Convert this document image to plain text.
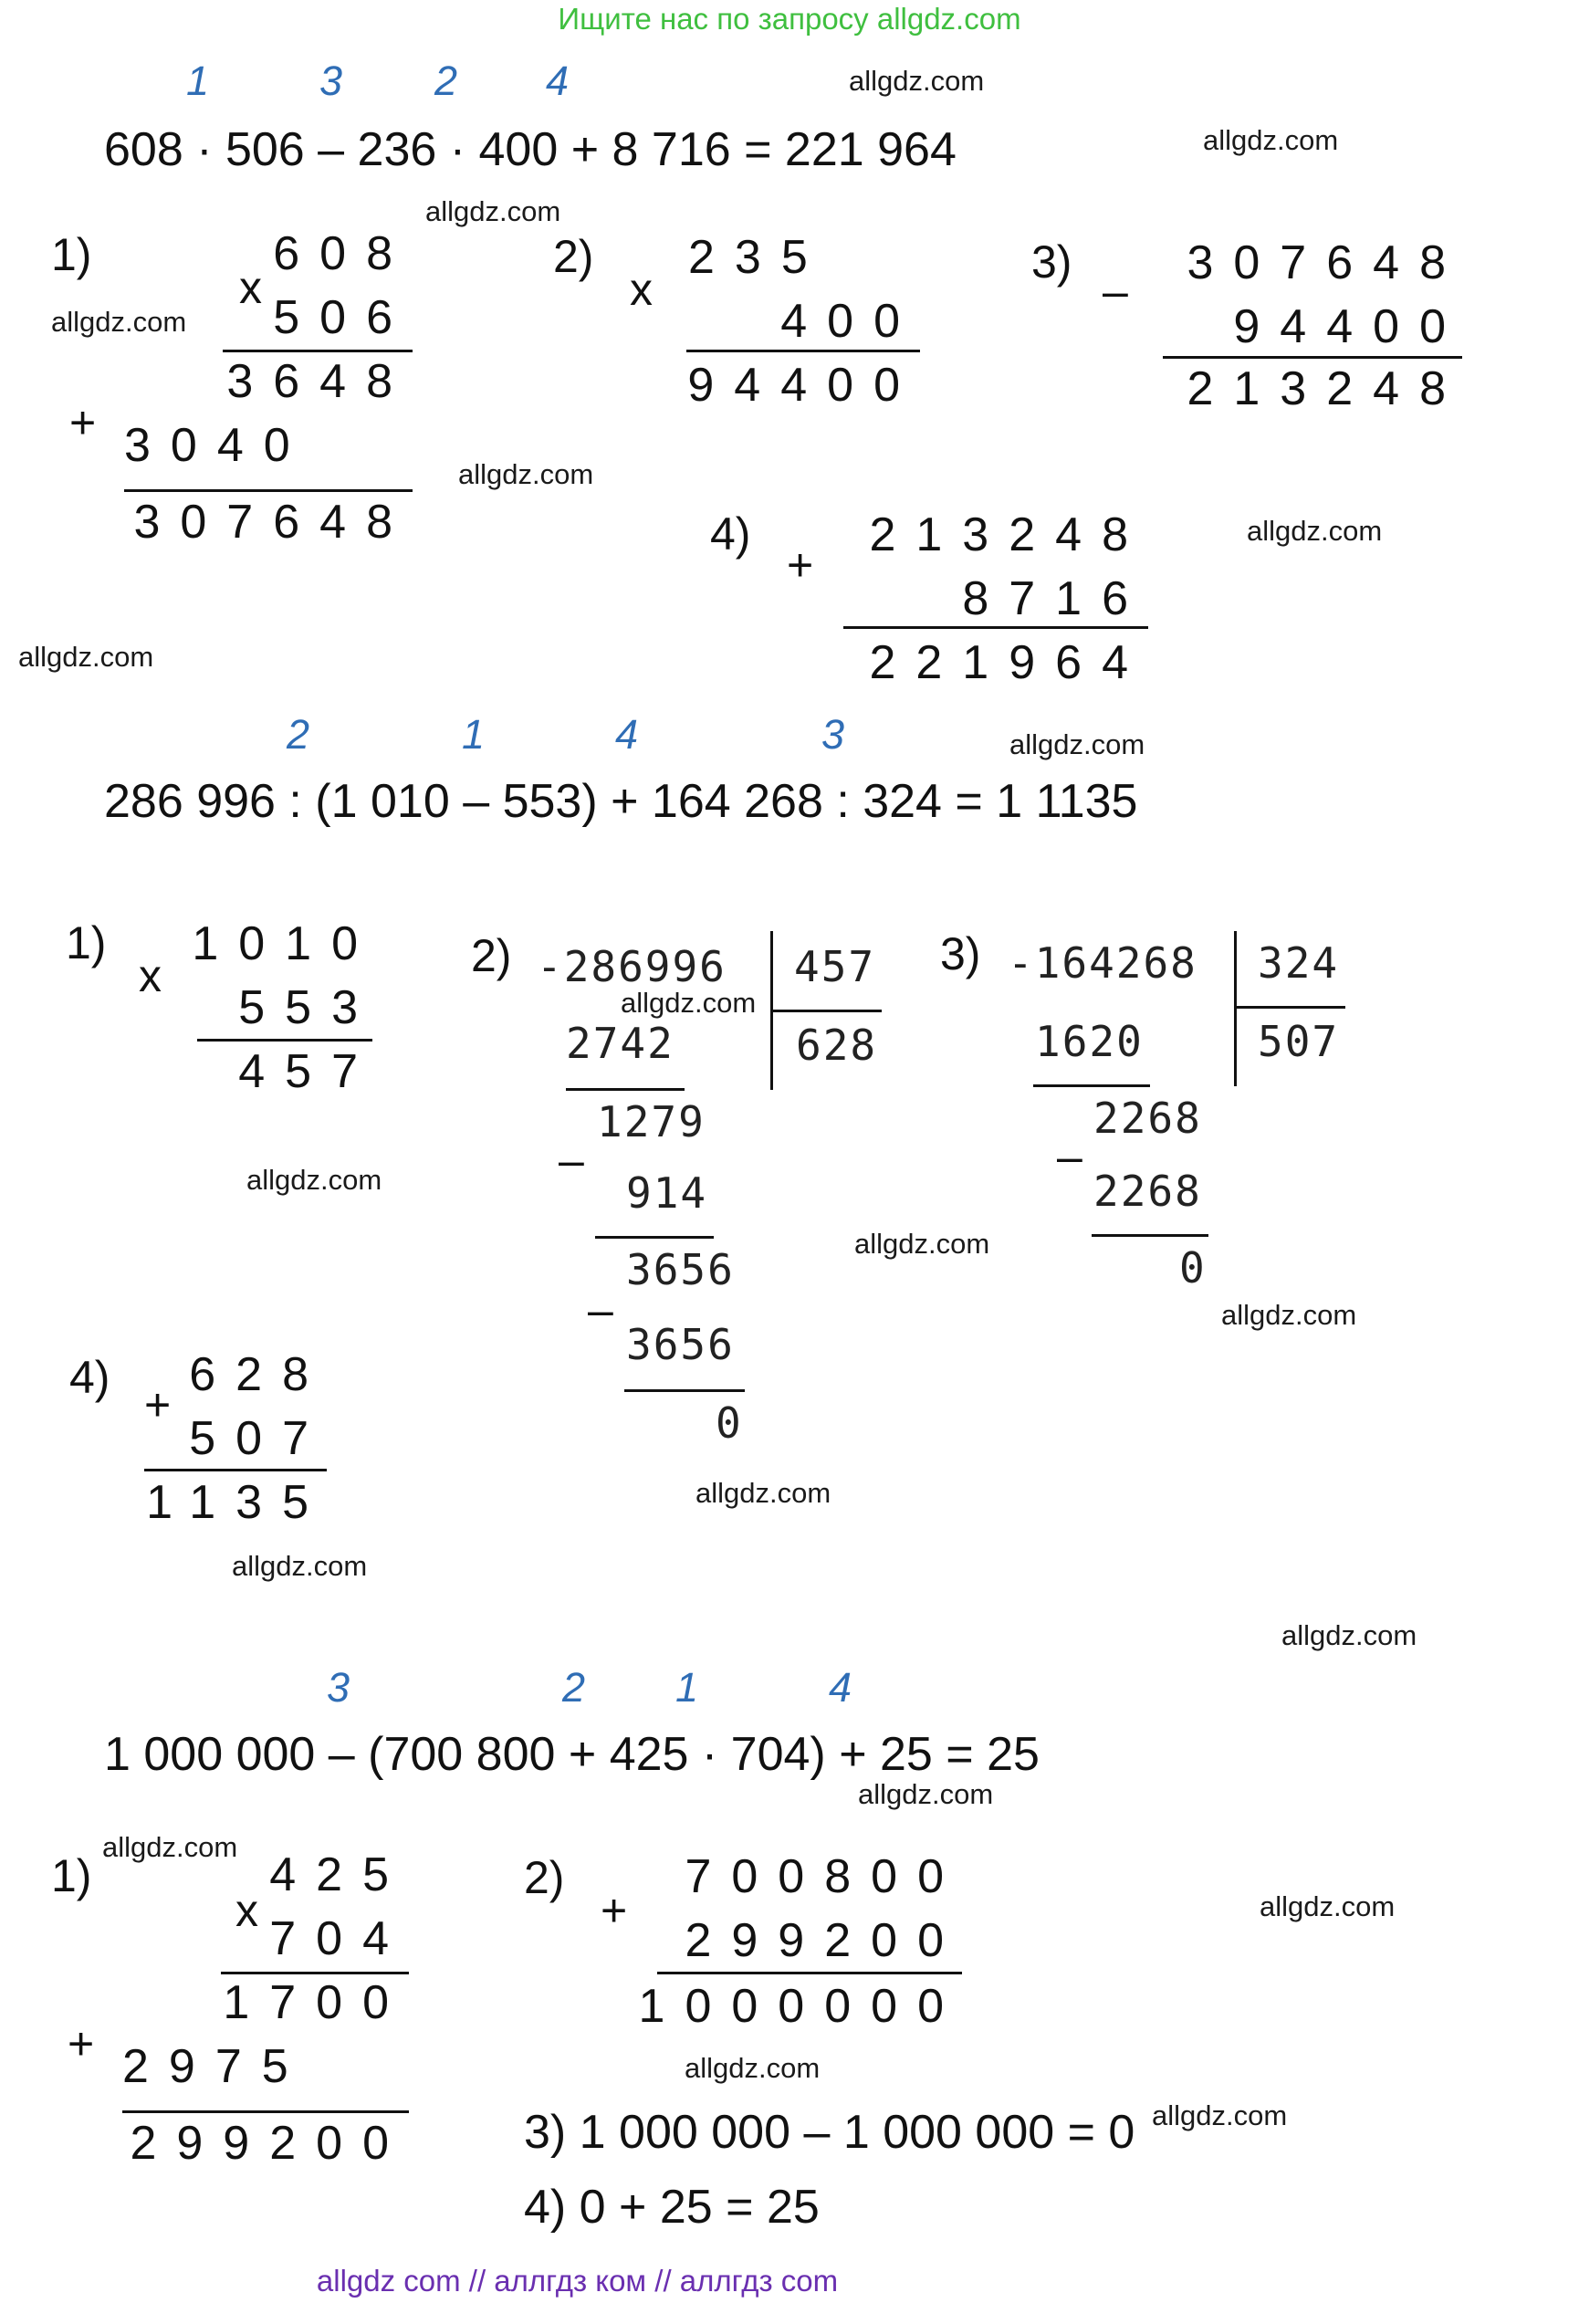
Ищите нас по запросу allgdz.com
allgdz com // аллгдз ком // аллгдз com
allgdz.com
allgdz.com
allgdz.com
allgdz.com
allgdz.com
allgdz.com
allgdz.com
allgdz.com
allgdz.com
allgdz.com
allgdz.com
allgdz.com
allgdz.com
allgdz.com
allgdz.com
allgdz.com
allgdz.com
allgdz.com
allgdz.com
allgdz.com
1	3 2 4
608 · 506 – 236 · 400 + 8 716 = 221 964
1)
x
608
506
3648
+ 3040
307648
2)
x
235
400
94400
3)
–
307648
94400
213248
4)
+
213248
8716
221964
2	1	4	3
286 996 : (1 010 – 553) + 164 268 : 324 = 1 1135
1)
x
1010
553
457
2) -286996 457
628
2742
–
1279
914
–
3656
3656
0
3) -164268 324
507
1620
–
2268
2268
0
4)
+
628
507
1135
3	2 1	4
1 000 000 – (700 800 + 425 · 704) + 25 = 25
1)
x
425
704
1700
+ 2975
299200
2)
+
700800
299200
1000000
3) 1 000 000 – 1 000 000 = 0
4) 0 + 25 = 25
